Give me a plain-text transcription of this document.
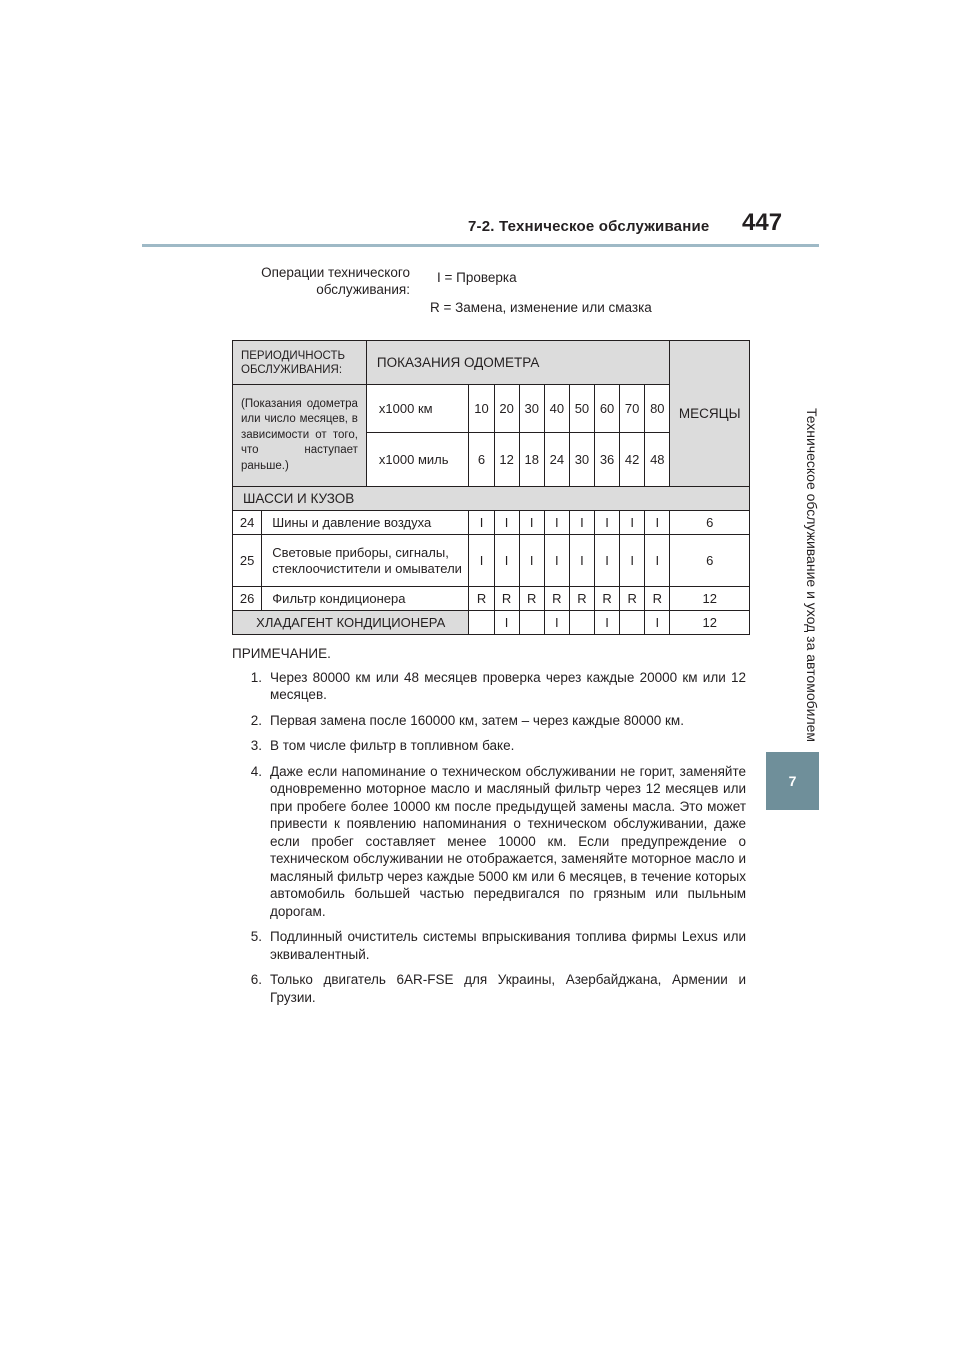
7-2. Техническое обслуживание 447
Техническое обслуживание и уход за автомобилем
7
Операции технического обслуживания:
I = Проверка
R = Замена, изменение или смазка
ПЕРИОДИЧНОСТЬ ОБСЛУЖИВАНИЯ:		ПОКАЗАНИЯ ОДОМЕТРА									МЕСЯЦЫ
(Показания одометра или число месяцев, в зависимости от того, что наступает раньше.)		x1000 км	10	20	30	40	50	60	70	80	
		x1000 миль	6	12	18	24	30	36	42	48	
ШАССИ И КУЗОВ											
24	Шины и давление воздуха		I	I	I	I	I	I	I	I	6
25	Световые приборы, сигналы, стеклоочистители и омыватели		I	I	I	I	I	I	I	I	6
26	Фильтр кондиционера		R	R	R	R	R	R	R	R	12
ХЛАДАГЕНТ КОНДИЦИОНЕРА				I		I		I		I	12
ПРИМЕЧАНИЕ.
1. Через 80000 км или 48 месяцев проверка через каждые 20000 км или 12 месяцев.
2. Первая замена после 160000 км, затем – через каждые 80000 км.
3. В том числе фильтр в топливном баке.
4. Даже если напоминание о техническом обслуживании не горит, заменяйте одновременно моторное масло и масляный фильтр через 12 месяцев или при пробеге более 10000 км после предыдущей замены масла. Это может привести к появлению напоминания о техническом обслуживании, даже если пробег составляет менее 10000 км. Если предупреждение о техническом обслуживании не отображается, заменяйте моторное масло и масляный фильтр через каждые 5000 км или 6 месяцев, в течение которых автомобиль большей частью передвигался по грязным или пыльным дорогам.
5. Подлинный очиститель системы впрыскивания топлива фирмы Lexus или эквивалентный.
6. Только двигатель 6AR-FSE для Украины, Азербайджана, Армении и Грузии.
